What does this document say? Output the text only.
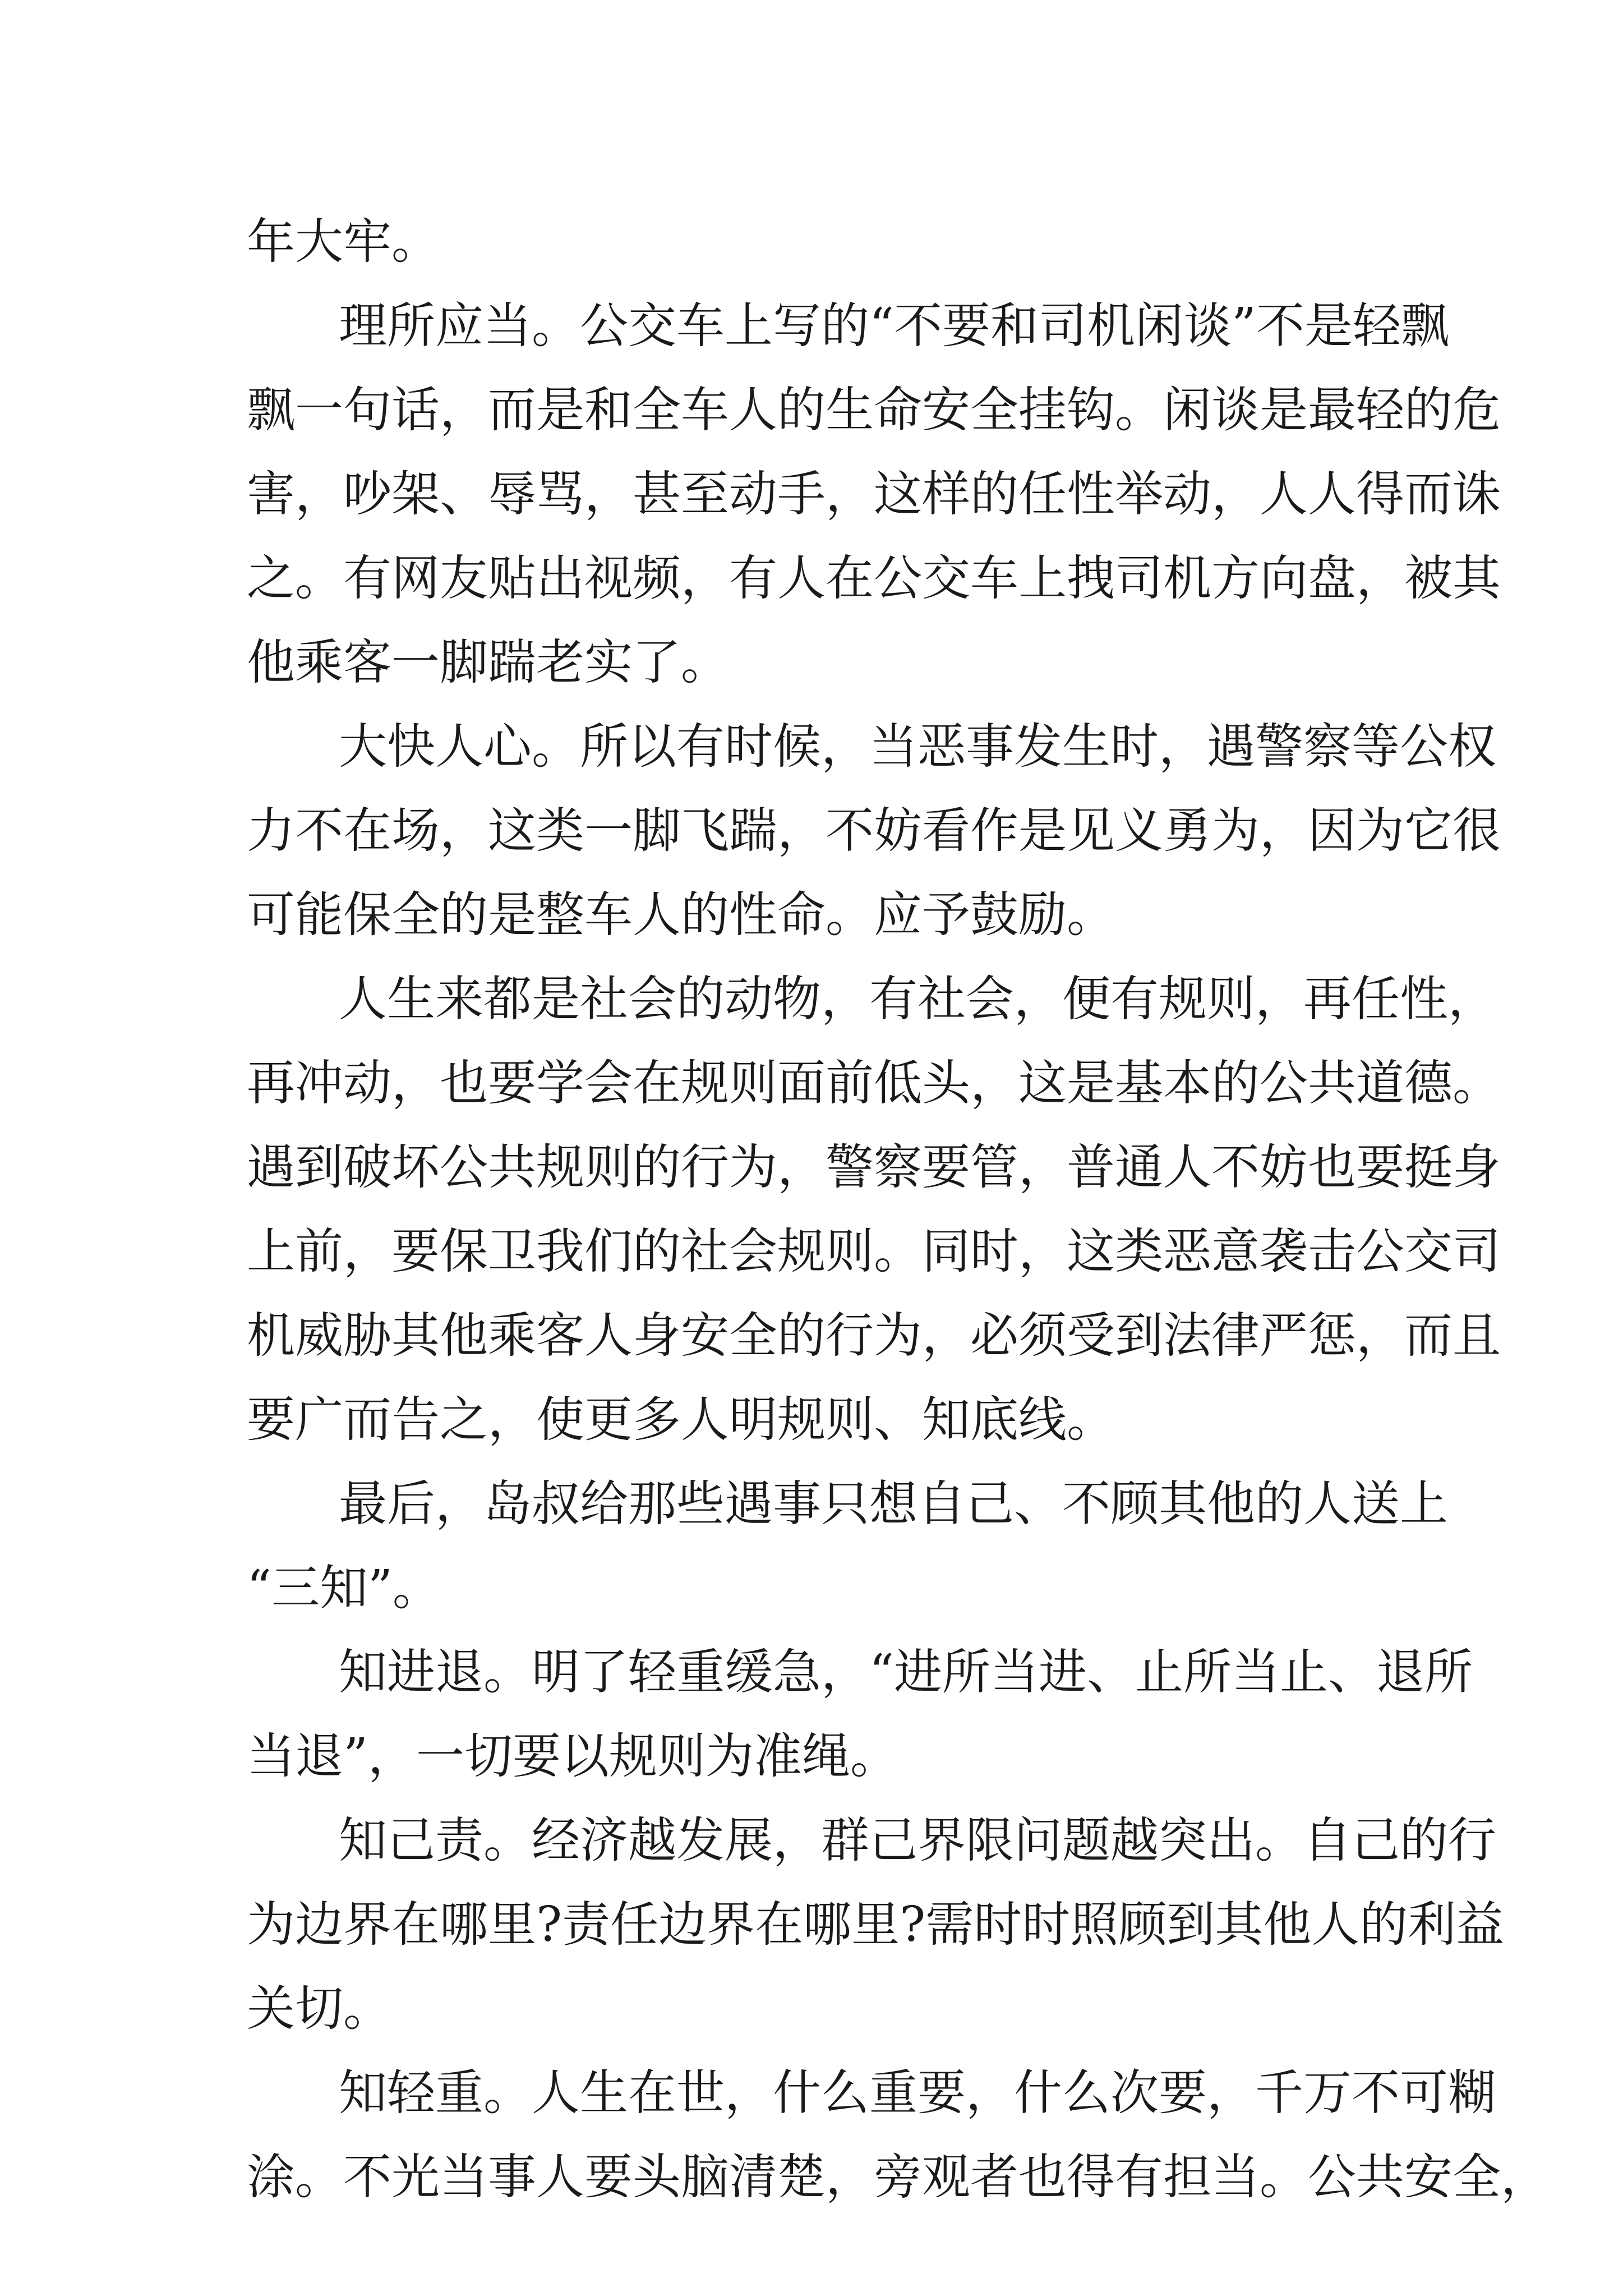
年大牢。
理所应当。公交车上写的“不要和司机闲谈”不是轻飘
飘一句话，而是和全车人的生命安全挂钩。闲谈是最轻的危
害，吵架、辱骂，甚至动手，这样的任性举动，人人得而诛
之。有网友贴出视频，有人在公交车上拽司机方向盘，被其
他乘客一脚踹老实了。
大快人心。所以有时候，当恶事发生时，遇警察等公权
力不在场，这类一脚飞踹，不妨看作是见义勇为，因为它很
可能保全的是整车人的性命。应予鼓励。
人生来都是社会的动物，有社会，便有规则，再任性，
再冲动，也要学会在规则面前低头，这是基本的公共道德。
遇到破坏公共规则的行为，警察要管，普通人不妨也要挺身
上前，要保卫我们的社会规则。同时，这类恶意袭击公交司
机威胁其他乘客人身安全的行为，必须受到法律严惩，而且
要广而告之，使更多人明规则、知底线。
最后，岛叔给那些遇事只想自己、不顾其他的人送上
“三知”。
知进退。明了轻重缓急，“进所当进、止所当止、退所
当退”，一切要以规则为准绳。
知己责。经济越发展，群己界限问题越突出。自己的行
为边界在哪里?责任边界在哪里?需时时照顾到其他人的利益
关切。
知轻重。人生在世，什么重要，什么次要，千万不可糊
涂。不光当事人要头脑清楚，旁观者也得有担当。公共安全，
